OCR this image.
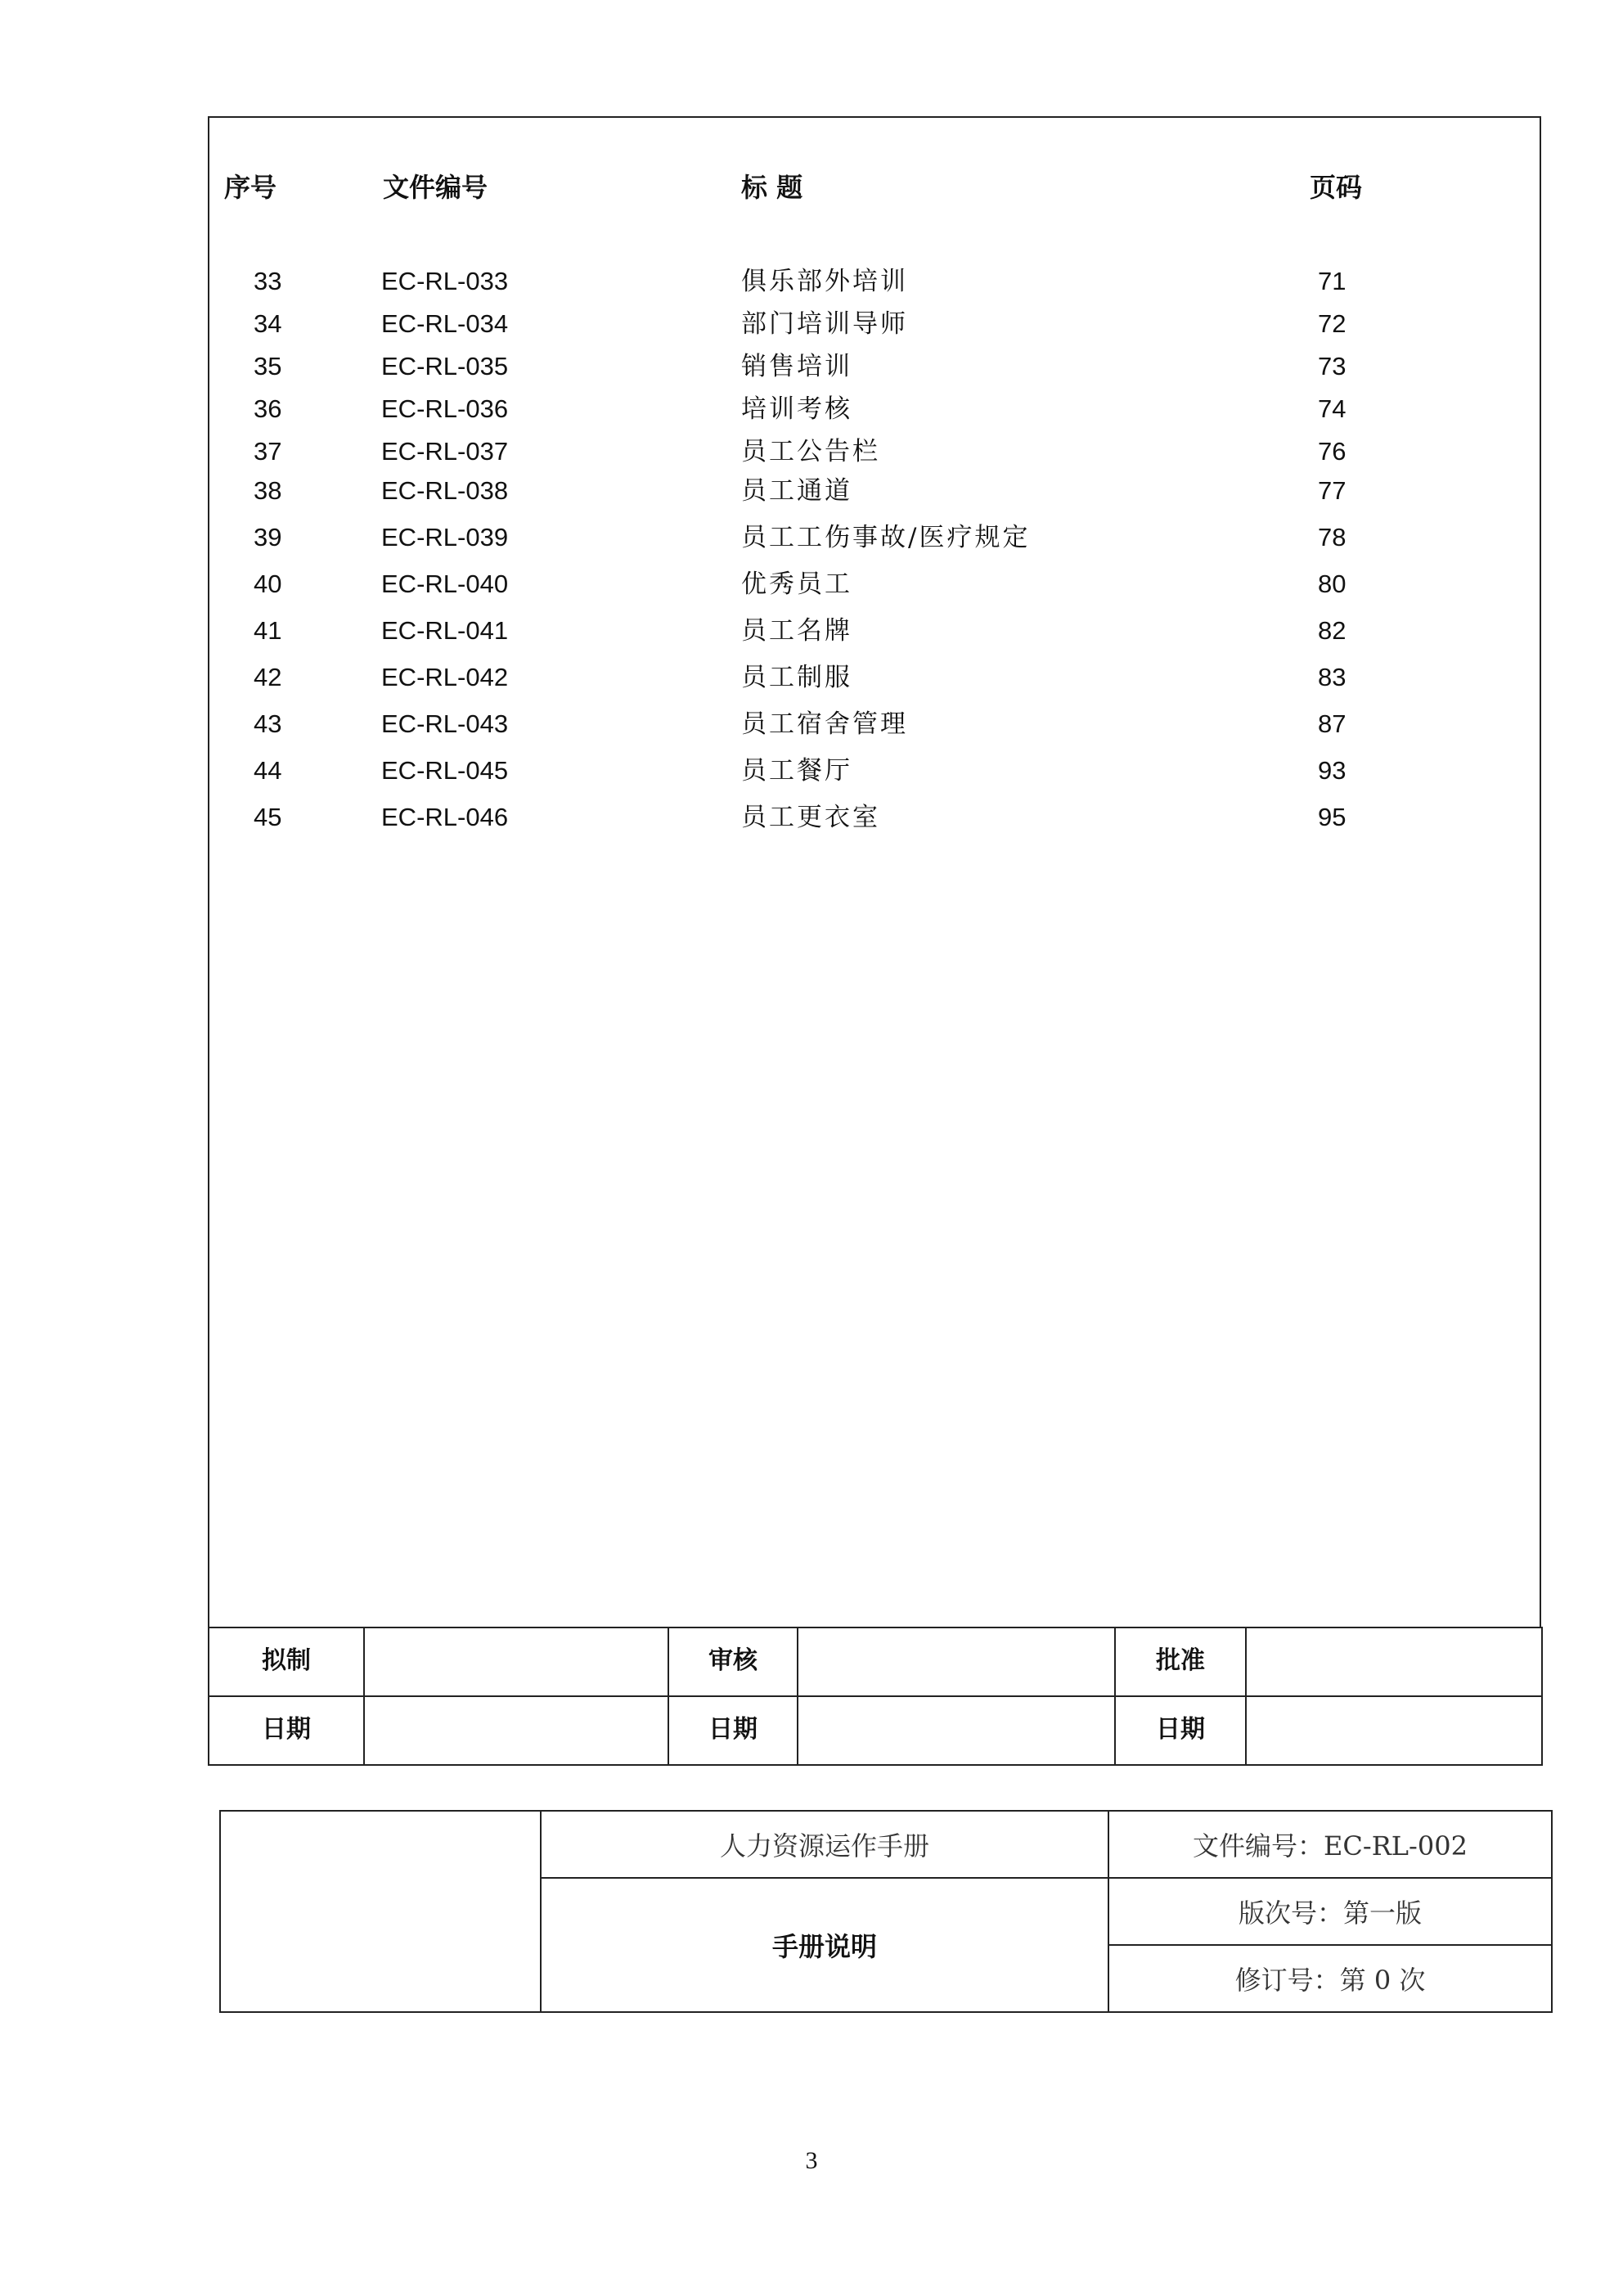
序号	文件编号	标 题	页码
33	EC-RL-033	俱乐部外培训	71
34	EC-RL-034	部门培训导师	72
35	EC-RL-035	销售培训	73
36	EC-RL-036	培训考核	74
37	EC-RL-037	员工公告栏	76
38	EC-RL-038	员工通道	77
39	EC-RL-039	员工工伤事故/医疗规定	78
40	EC-RL-040	优秀员工	80
41	EC-RL-041	员工名牌	82
42	EC-RL-042	员工制服	83
43	EC-RL-043	员工宿舍管理	87
44	EC-RL-045	员工餐厅	93
45	EC-RL-046	员工更衣室	95
拟制		审核		批准	

日期		日期		日期	

	人力资源运作手册	文件编号：EC-RL-002
	手册说明	版次号：第一版
		修订号：第 0 次
3
